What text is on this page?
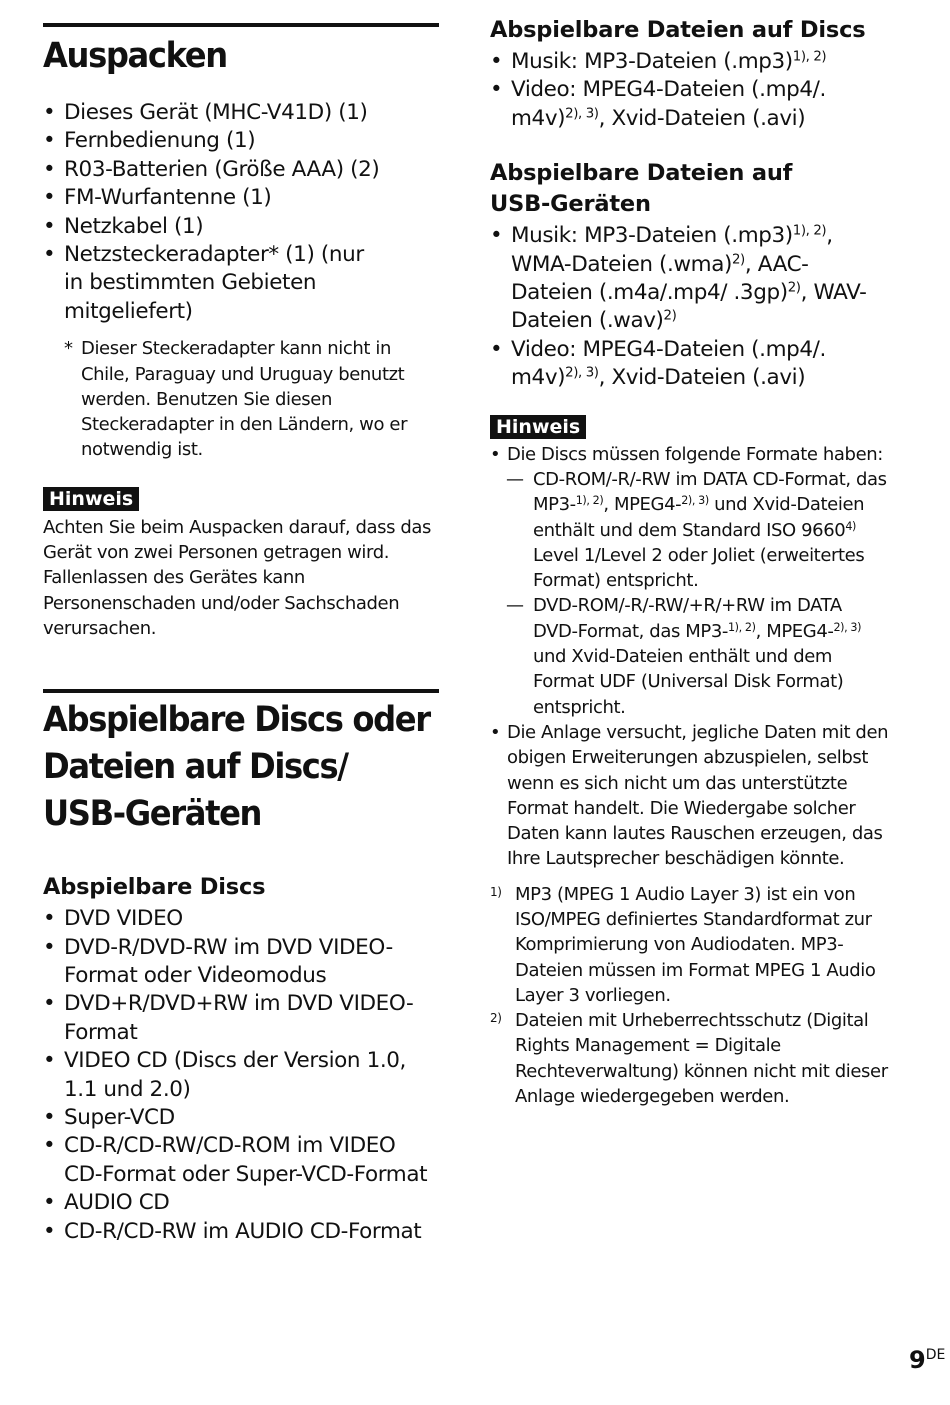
Auspacken
• Dieses Gerät (MHC-V41D) (1)
• Fernbedienung (1)
• R03-Batterien (Größe AAA) (2)
• FM-Wurfantenne (1)
• Netzkabel (1)
• Netzsteckeradapter* (1) (nur in bestimmten Gebieten mitgeliefert)
* Dieser Steckeradapter kann nicht in Chile, Paraguay und Uruguay benutzt werden. Benutzen Sie diesen Steckeradapter in den Ländern, wo er notwendig ist.
Hinweis
Achten Sie beim Auspacken darauf, dass das Gerät von zwei Personen getragen wird. Fallenlassen des Gerätes kann Personenschaden und/oder Sachschaden verursachen.
Abspielbare Discs oder Dateien auf Discs/ USB-Geräten
Abspielbare Discs
• DVD VIDEO
• DVD-R/DVD-RW im DVD VIDEO-Format oder Videomodus
• DVD+R/DVD+RW im DVD VIDEO-Format
• VIDEO CD (Discs der Version 1.0, 1.1 und 2.0)
• Super-VCD
• CD-R/CD-RW/CD-ROM im VIDEO CD-Format oder Super-VCD-Format
• AUDIO CD
• CD-R/CD-RW im AUDIO CD-Format
Abspielbare Dateien auf Discs
• Musik: MP3-Dateien $(.mp3)^{1), 2)}$
• Video: MPEG4-Dateien (.mp4/. m4v)$^{2), 3)}$, Xvid-Dateien (.avi)
Abspielbare Dateien auf USB-Geräten
• Musik: MP3-Dateien $(.mp3)^{1), 2)}$, WMA-Dateien $(.wma)^{2)}$, AAC-Dateien (.m4a/.mp4/ .3gp)$^{2)}$, WAV-Dateien $(.wav)^{2)}$
• Video: MPEG4-Dateien (.mp4/. m4v)$^{2), 3)}$, Xvid-Dateien (.avi)
Hinweis
• Die Discs müssen folgende Formate haben:
— CD-ROM/-R/-RW im DATA CD-Format, das MP3-$^{1), 2)}$, MPEG4-$^{2), 3)}$ und Xvid-Dateien enthält und dem Standard ISO 9660$^{4)}$ Level 1/Level 2 oder Joliet (erweitertes Format) entspricht.
— DVD-ROM/-R/-RW/+R/+RW im DATA DVD-Format, das MP3-$^{1), 2)}$, MPEG4-$^{2), 3)}$ und Xvid-Dateien enthält und dem Format UDF (Universal Disk Format) entspricht.
• Die Anlage versucht, jegliche Daten mit den obigen Erweiterungen abzuspielen, selbst wenn es sich nicht um das unterstützte Format handelt. Die Wiedergabe solcher Daten kann lautes Rauschen erzeugen, das Ihre Lautsprecher beschädigen könnte.
1) MP3 (MPEG 1 Audio Layer 3) ist ein von ISO/MPEG definiertes Standardformat zur Komprimierung von Audiodaten. MP3-Dateien müssen im Format MPEG 1 Audio Layer 3 vorliegen.
2) Dateien mit Urheberrechtsschutz (Digital Rights Management = Digitale Rechteverwaltung) können nicht mit dieser Anlage wiedergegeben werden.
9DE
